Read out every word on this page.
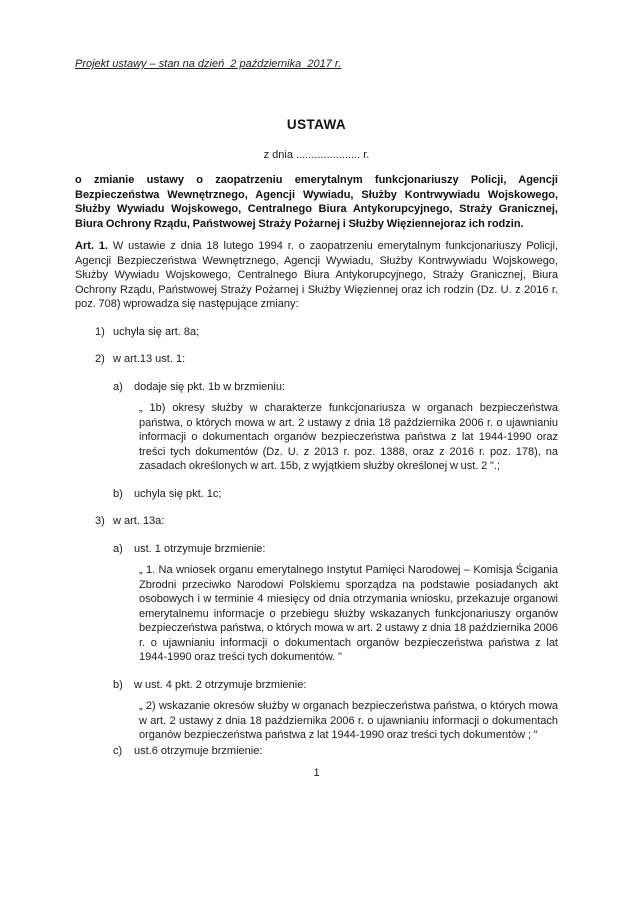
Projekt ustawy – stan na dzień  2 października  2017 r.
USTAWA
z dnia ..................... r.
o zmianie ustawy o zaopatrzeniu emerytalnym funkcjonariuszy Policji, Agencji Bezpieczeństwa Wewnętrznego, Agencji Wywiadu, Służby Kontrwywiadu Wojskowego, Służby Wywiadu Wojskowego, Centralnego Biura Antykorupcyjnego, Straży Granicznej, Biura Ochrony Rządu, Państwowej Straży Pożarnej i Służby Więziennejoraz ich rodzin.
Art. 1. W ustawie z dnia 18 lutego 1994 r. o zaopatrzeniu emerytalnym funkcjonariuszy Policji, Agencji Bezpieczeństwa Wewnętrznego, Agencji Wywiadu, Służby Kontrwywiadu Wojskowego, Służby Wywiadu Wojskowego, Centralnego Biura Antykorupcyjnego, Straży Granicznej, Biura Ochrony Rządu, Państwowej Straży Pożarnej i Służby Więziennej oraz ich rodzin (Dz. U. z 2016 r. poz. 708) wprowadza się następujące zmiany:
1) uchyla się art. 8a;
2) w art.13 ust. 1:
a)	dodaje się pkt. 1b w brzmieniu:
„ 1b) okresy służby w charakterze funkcjonariusza w organach bezpieczeństwa państwa, o których mowa w art. 2 ustawy z dnia 18 października 2006 r. o ujawnianiu informacji o dokumentach organów bezpieczeństwa państwa z lat 1944-1990 oraz treści tych dokumentów (Dz. U. z 2013 r. poz. 1388, oraz z 2016 r. poz. 178), na zasadach określonych w art. 15b, z wyjątkiem służby określonej w ust. 2 ".;
b)	uchyla się pkt. 1c;
3) w art. 13a:
a)	ust. 1 otrzymuje brzmienie:
„ 1. Na wniosek organu emerytalnego Instytut Pamięci Narodowej – Komisja Ścigania Zbrodni przeciwko Narodowi Polskiemu sporządza na podstawie posiadanych akt osobowych i w terminie 4 miesięcy od dnia otrzymania wniosku, przekazuje organowi emerytalnemu informacje o przebiegu służby wskazanych funkcjonariuszy organów bezpieczeństwa państwa, o których mowa w art. 2 ustawy z dnia 18 października 2006 r. o ujawnianiu informacji o dokumentach organów bezpieczeństwa państwa z lat 1944-1990 oraz treści tych dokumentów. "
b)	w ust. 4 pkt. 2 otrzymuje brzmienie:
„ 2) wskazanie okresów służby w organach bezpieczeństwa państwa, o których mowa w art. 2 ustawy z dnia 18 października 2006 r. o ujawnianiu informacji o dokumentach organów bezpieczeństwa państwa z lat 1944-1990 oraz treści tych dokumentów ; "
c)	ust.6 otrzymuje brzmienie:
1
